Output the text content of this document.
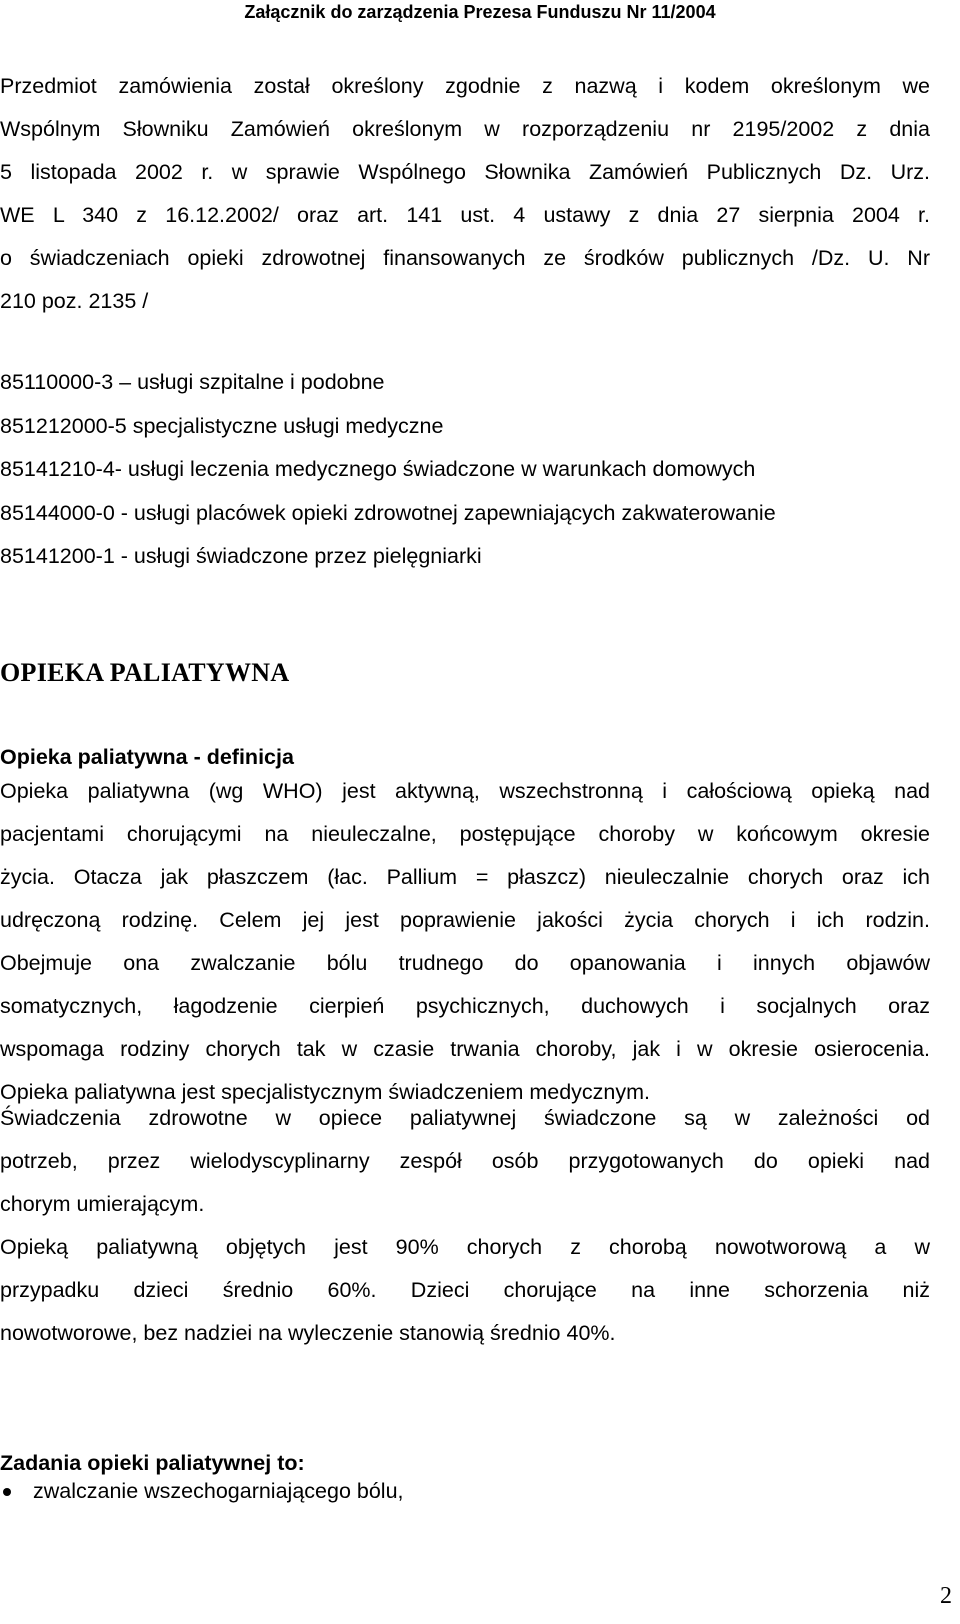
Załącznik do zarządzenia Prezesa Funduszu Nr 11/2004
Przedmiot zamówienia został określony zgodnie z nazwą i kodem określonym we
Wspólnym Słowniku Zamówień określonym w rozporządzeniu nr 2195/2002 z dnia
5 listopada 2002 r. w sprawie Wspólnego Słownika Zamówień Publicznych Dz. Urz.
WE L 340 z 16.12.2002/ oraz art. 141 ust. 4 ustawy z dnia 27 sierpnia 2004 r.
o świadczeniach opieki zdrowotnej finansowanych ze środków publicznych /Dz. U. Nr
210 poz. 2135 /
85110000-3 – usługi szpitalne i podobne
851212000-5 specjalistyczne usługi medyczne
85141210-4- usługi leczenia medycznego świadczone w warunkach domowych
85144000-0 - usługi placówek opieki zdrowotnej zapewniających zakwaterowanie
85141200-1 - usługi świadczone przez pielęgniarki
OPIEKA PALIATYWNA
Opieka paliatywna - definicja
Opieka paliatywna (wg WHO) jest aktywną, wszechstronną i całościową opieką nad
pacjentami chorującymi na nieuleczalne, postępujące choroby w końcowym okresie
życia. Otacza jak płaszczem (łac. Pallium = płaszcz) nieuleczalnie chorych oraz ich
udręczoną rodzinę. Celem jej jest poprawienie jakości życia chorych i ich rodzin.
Obejmuje ona zwalczanie bólu trudnego do opanowania i innych objawów
somatycznych, łagodzenie cierpień psychicznych, duchowych i socjalnych oraz
wspomaga rodziny chorych tak w czasie trwania choroby, jak i w okresie osierocenia.
Opieka paliatywna jest specjalistycznym świadczeniem medycznym.
Świadczenia zdrowotne w opiece paliatywnej świadczone są w zależności od
potrzeb, przez wielodyscyplinarny zespół osób przygotowanych do opieki nad
chorym umierającym.
Opieką paliatywną objętych jest 90% chorych z chorobą nowotworową a w
przypadku dzieci średnio 60%. Dzieci chorujące na inne schorzenia niż
nowotworowe, bez nadziei na wyleczenie stanowią średnio 40%.
Zadania opieki paliatywnej to:
zwalczanie wszechogarniającego bólu,
2
